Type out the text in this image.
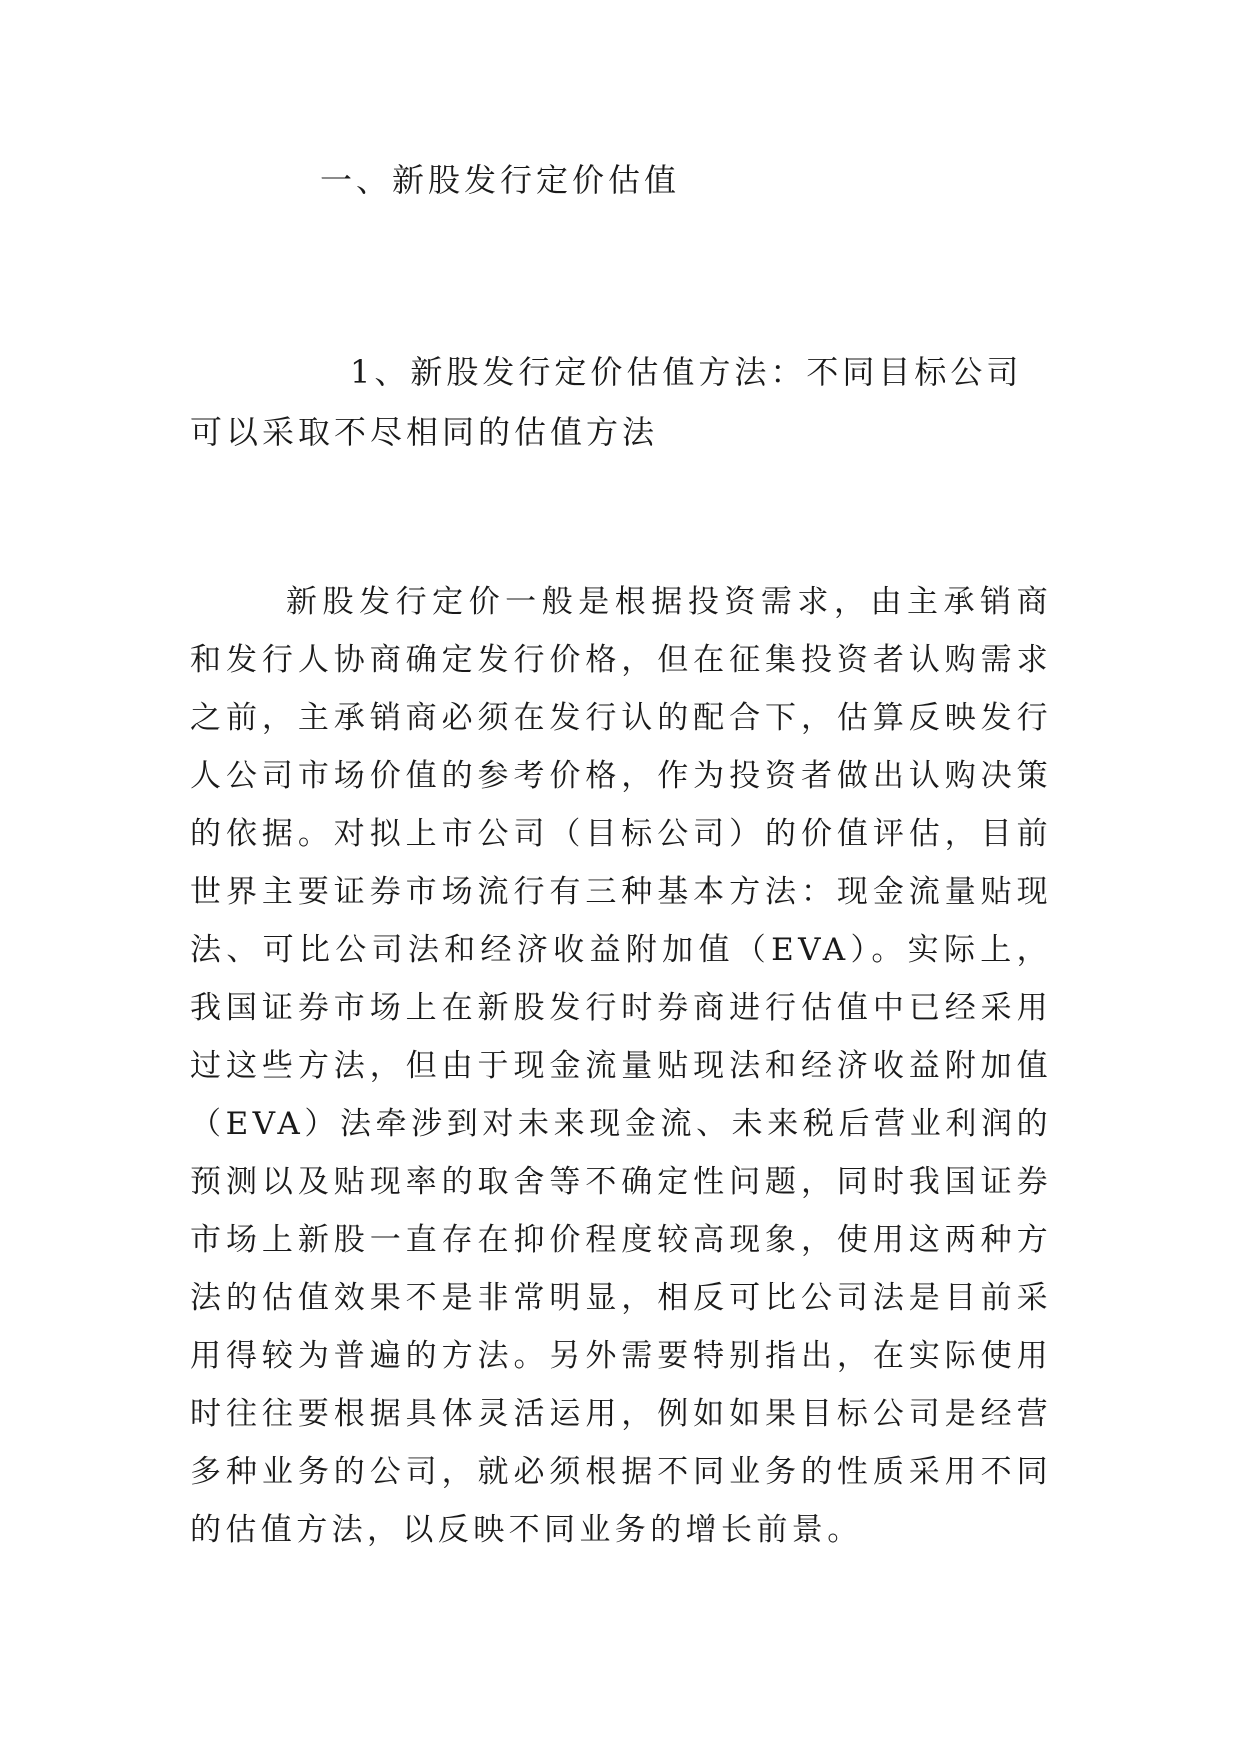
一、新股发行定价估值
1、新股发行定价估值方法：不同目标公司可以采取不尽相同的估值方法

新股发行定价一般是根据投资需求，由主承销商和发行人协商确定发行价格，但在征集投资者认购需求之前，主承销商必须在发行认的配合下，估算反映发行人公司市场价值的参考价格，作为投资者做出认购决策的依据。对拟上市公司（目标公司）的价值评估，目前世界主要证券市场流行有三种基本方法：现金流量贴现法、可比公司法和经济收益附加值（EVA）。实际上，我国证券市场上在新股发行时券商进行估值中已经采用过这些方法，但由于现金流量贴现法和经济收益附加值（EVA）法牵涉到对未来现金流、未来税后营业利润的预测以及贴现率的取舍等不确定性问题，同时我国证券市场上新股一直存在抑价程度较高现象，使用这两种方法的估值效果不是非常明显，相反可比公司法是目前采用得较为普遍的方法。另外需要特别指出，在实际使用时往往要根据具体灵活运用，例如如果目标公司是经营多种业务的公司，就必须根据不同业务的性质采用不同的估值方法，以反映不同业务的增长前景。
